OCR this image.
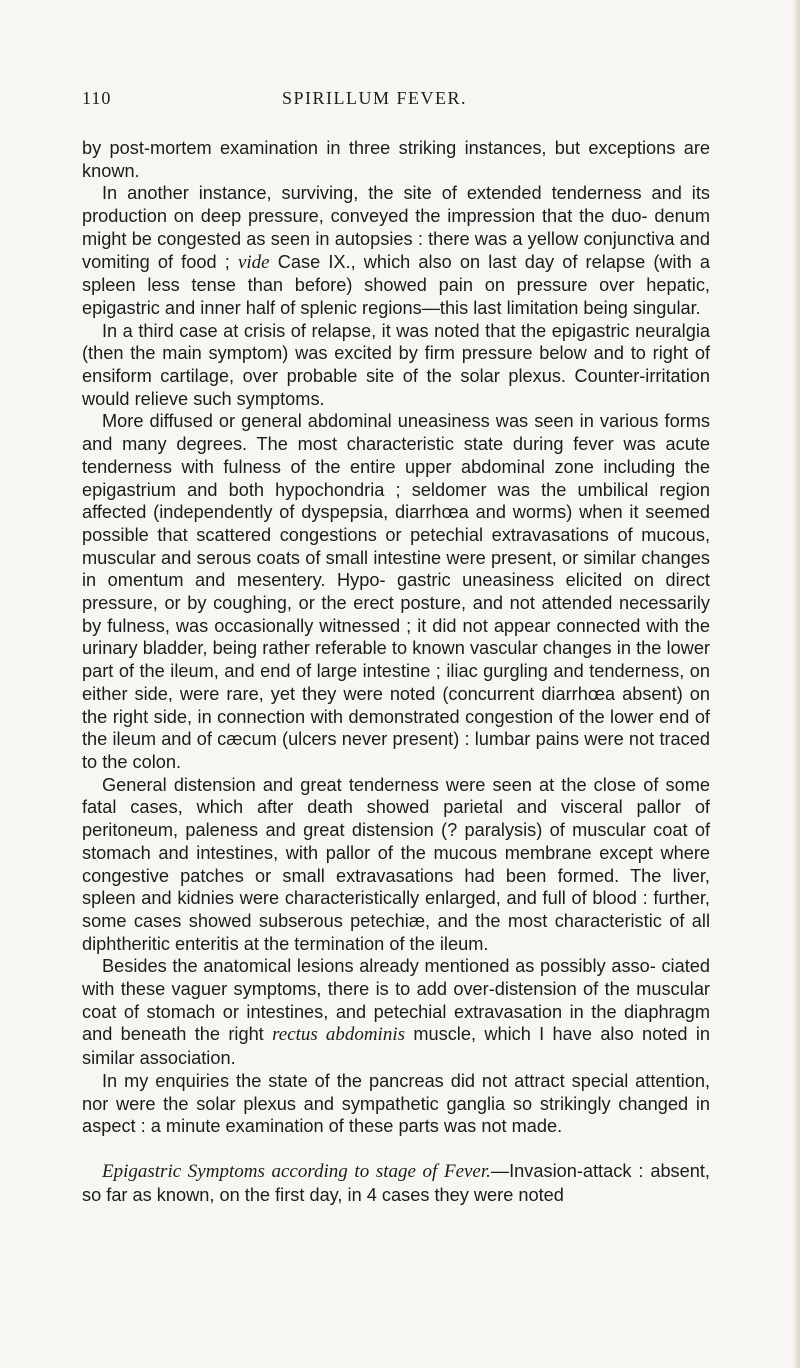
110	SPIRILLUM FEVER.

by post-mortem examination in three striking instances, but exceptions are known.

In another instance, surviving, the site of extended tenderness and its production on deep pressure, conveyed the impression that the duo- denum might be congested as seen in autopsies : there was a yellow conjunctiva and vomiting of food ; vide Case IX., which also on last day of relapse (with a spleen less tense than before) showed pain on pressure over hepatic, epigastric and inner half of splenic regions—this last limitation being singular.

In a third case at crisis of relapse, it was noted that the epigastric neuralgia (then the main symptom) was excited by firm pressure below and to right of ensiform cartilage, over probable site of the solar plexus. Counter-irritation would relieve such symptoms.

More diffused or general abdominal uneasiness was seen in various forms and many degrees. The most characteristic state during fever was acute tenderness with fulness of the entire upper abdominal zone including the epigastrium and both hypochondria ; seldomer was the umbilical region affected (independently of dyspepsia, diarrhœa and worms) when it seemed possible that scattered congestions or petechial extravasations of mucous, muscular and serous coats of small intestine were present, or similar changes in omentum and mesentery. Hypo- gastric uneasiness elicited on direct pressure, or by coughing, or the erect posture, and not attended necessarily by fulness, was occasionally witnessed ; it did not appear connected with the urinary bladder, being rather referable to known vascular changes in the lower part of the ileum, and end of large intestine ; iliac gurgling and tenderness, on either side, were rare, yet they were noted (concurrent diarrhœa absent) on the right side, in connection with demonstrated congestion of the lower end of the ileum and of cæcum (ulcers never present) : lumbar pains were not traced to the colon.

General distension and great tenderness were seen at the close of some fatal cases, which after death showed parietal and visceral pallor of peritoneum, paleness and great distension (? paralysis) of muscular coat of stomach and intestines, with pallor of the mucous membrane except where congestive patches or small extravasations had been formed. The liver, spleen and kidnies were characteristically enlarged, and full of blood : further, some cases showed subserous petechiæ, and the most characteristic of all diphtheritic enteritis at the termination of the ileum.

Besides the anatomical lesions already mentioned as possibly asso- ciated with these vaguer symptoms, there is to add over-distension of the muscular coat of stomach or intestines, and petechial extravasation in the diaphragm and beneath the right rectus abdominis muscle, which I have also noted in similar association.

In my enquiries the state of the pancreas did not attract special attention, nor were the solar plexus and sympathetic ganglia so strikingly changed in aspect : a minute examination of these parts was not made.

Epigastric Symptoms according to stage of Fever.—Invasion-attack : absent, so far as known, on the first day, in 4 cases they were noted
